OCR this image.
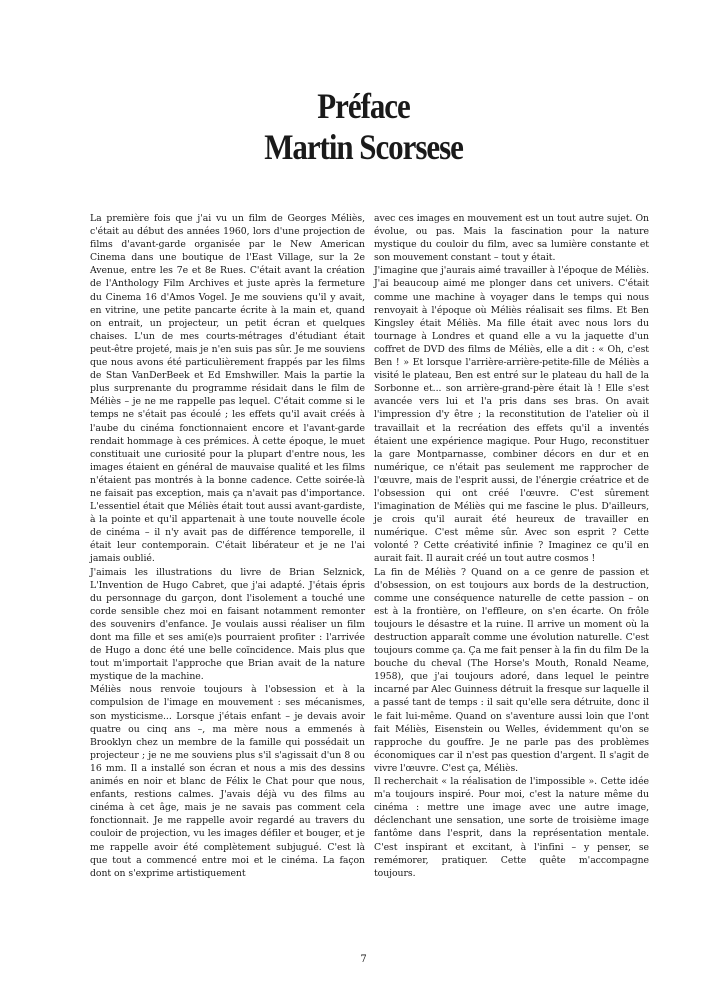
Préface
Martin Scorsese

La première fois que j'ai vu un film de Georges Méliès, c'était au début des années 1960, lors d'une projection de films d'avant-garde organisée par le New American Cinema dans une boutique de l'East Village, sur la 2e Avenue, entre les 7e et 8e Rues. C'était avant la création de l'Anthology Film Archives et juste après la fermeture du Cinema 16 d'Amos Vogel. Je me souviens qu'il y avait, en vitrine, une petite pancarte écrite à la main et, quand on entrait, un projecteur, un petit écran et quelques chaises. L'un de mes courts-métrages d'étudiant était peut-être projeté, mais je n'en suis pas sûr. Je me souviens que nous avons été particulièrement frappés par les films de Stan VanDerBeek et Ed Emshwiller. Mais la partie la plus surprenante du programme résidait dans le film de Méliès – je ne me rappelle pas lequel. C'était comme si le temps ne s'était pas écoulé ; les effets qu'il avait créés à l'aube du cinéma fonctionnaient encore et l'avant-garde rendait hommage à ces prémices. À cette époque, le muet constituait une curiosité pour la plupart d'entre nous, les images étaient en général de mauvaise qualité et les films n'étaient pas montrés à la bonne cadence. Cette soirée-là ne faisait pas exception, mais ça n'avait pas d'importance. L'essentiel était que Méliès était tout aussi avant-gardiste, à la pointe et qu'il appartenait à une toute nouvelle école de cinéma – il n'y avait pas de différence temporelle, il était leur contemporain. C'était libérateur et je ne l'ai jamais oublié.

J'aimais les illustrations du livre de Brian Selznick, L'Invention de Hugo Cabret, que j'ai adapté. J'étais épris du personnage du garçon, dont l'isolement a touché une corde sensible chez moi en faisant notamment remonter des souvenirs d'enfance. Je voulais aussi réaliser un film dont ma fille et ses ami(e)s pourraient profiter : l'arrivée de Hugo a donc été une belle coïncidence. Mais plus que tout m'importait l'approche que Brian avait de la nature mystique de la machine.

Méliès nous renvoie toujours à l'obsession et à la compulsion de l'image en mouvement : ses mécanismes, son mysticisme... Lorsque j'étais enfant – je devais avoir quatre ou cinq ans –, ma mère nous a emmenés à Brooklyn chez un membre de la famille qui possédait un projecteur ; je ne me souviens plus s'il s'agissait d'un 8 ou 16 mm. Il a installé son écran et nous a mis des dessins animés en noir et blanc de Félix le Chat pour que nous, enfants, restions calmes. J'avais déjà vu des films au cinéma à cet âge, mais je ne savais pas comment cela fonctionnait. Je me rappelle avoir regardé au travers du couloir de projection, vu les images défiler et bouger, et je me rappelle avoir été complètement subjugué. C'est là que tout a commencé entre moi et le cinéma. La façon dont on s'exprime artistiquement

avec ces images en mouvement est un tout autre sujet. On évolue, ou pas. Mais la fascination pour la nature mystique du couloir du film, avec sa lumière constante et son mouvement constant – tout y était.

J'imagine que j'aurais aimé travailler à l'époque de Méliès. J'ai beaucoup aimé me plonger dans cet univers. C'était comme une machine à voyager dans le temps qui nous renvoyait à l'époque où Méliès réalisait ses films. Et Ben Kingsley était Méliès. Ma fille était avec nous lors du tournage à Londres et quand elle a vu la jaquette d'un coffret de DVD des films de Méliès, elle a dit : « Oh, c'est Ben ! » Et lorsque l'arrière-arrière-petite-fille de Méliès a visité le plateau, Ben est entré sur le plateau du hall de la Sorbonne et... son arrière-grand-père était là ! Elle s'est avancée vers lui et l'a pris dans ses bras. On avait l'impression d'y être ; la reconstitution de l'atelier où il travaillait et la recréation des effets qu'il a inventés étaient une expérience magique. Pour Hugo, reconstituer la gare Montparnasse, combiner décors en dur et en numérique, ce n'était pas seulement me rapprocher de l'œuvre, mais de l'esprit aussi, de l'énergie créatrice et de l'obsession qui ont créé l'œuvre. C'est sûrement l'imagination de Méliès qui me fascine le plus. D'ailleurs, je crois qu'il aurait été heureux de travailler en numérique. C'est même sûr. Avec son esprit ? Cette volonté ? Cette créativité infinie ? Imaginez ce qu'il en aurait fait. Il aurait créé un tout autre cosmos !

La fin de Méliès ? Quand on a ce genre de passion et d'obsession, on est toujours aux bords de la destruction, comme une conséquence naturelle de cette passion – on est à la frontière, on l'effleure, on s'en écarte. On frôle toujours le désastre et la ruine. Il arrive un moment où la destruction apparaît comme une évolution naturelle. C'est toujours comme ça. Ça me fait penser à la fin du film De la bouche du cheval (The Horse's Mouth, Ronald Neame, 1958), que j'ai toujours adoré, dans lequel le peintre incarné par Alec Guinness détruit la fresque sur laquelle il a passé tant de temps : il sait qu'elle sera détruite, donc il le fait lui-même. Quand on s'aventure aussi loin que l'ont fait Méliès, Eisenstein ou Welles, évidemment qu'on se rapproche du gouffre. Je ne parle pas des problèmes économiques car il n'est pas question d'argent. Il s'agit de vivre l'œuvre. C'est ça, Méliès.

Il recherchait « la réalisation de l'impossible ». Cette idée m'a toujours inspiré. Pour moi, c'est la nature même du cinéma : mettre une image avec une autre image, déclenchant une sensation, une sorte de troisième image fantôme dans l'esprit, dans la représentation mentale. C'est inspirant et excitant, à l'infini – y penser, se remémorer, pratiquer. Cette quête m'accompagne toujours.

7
